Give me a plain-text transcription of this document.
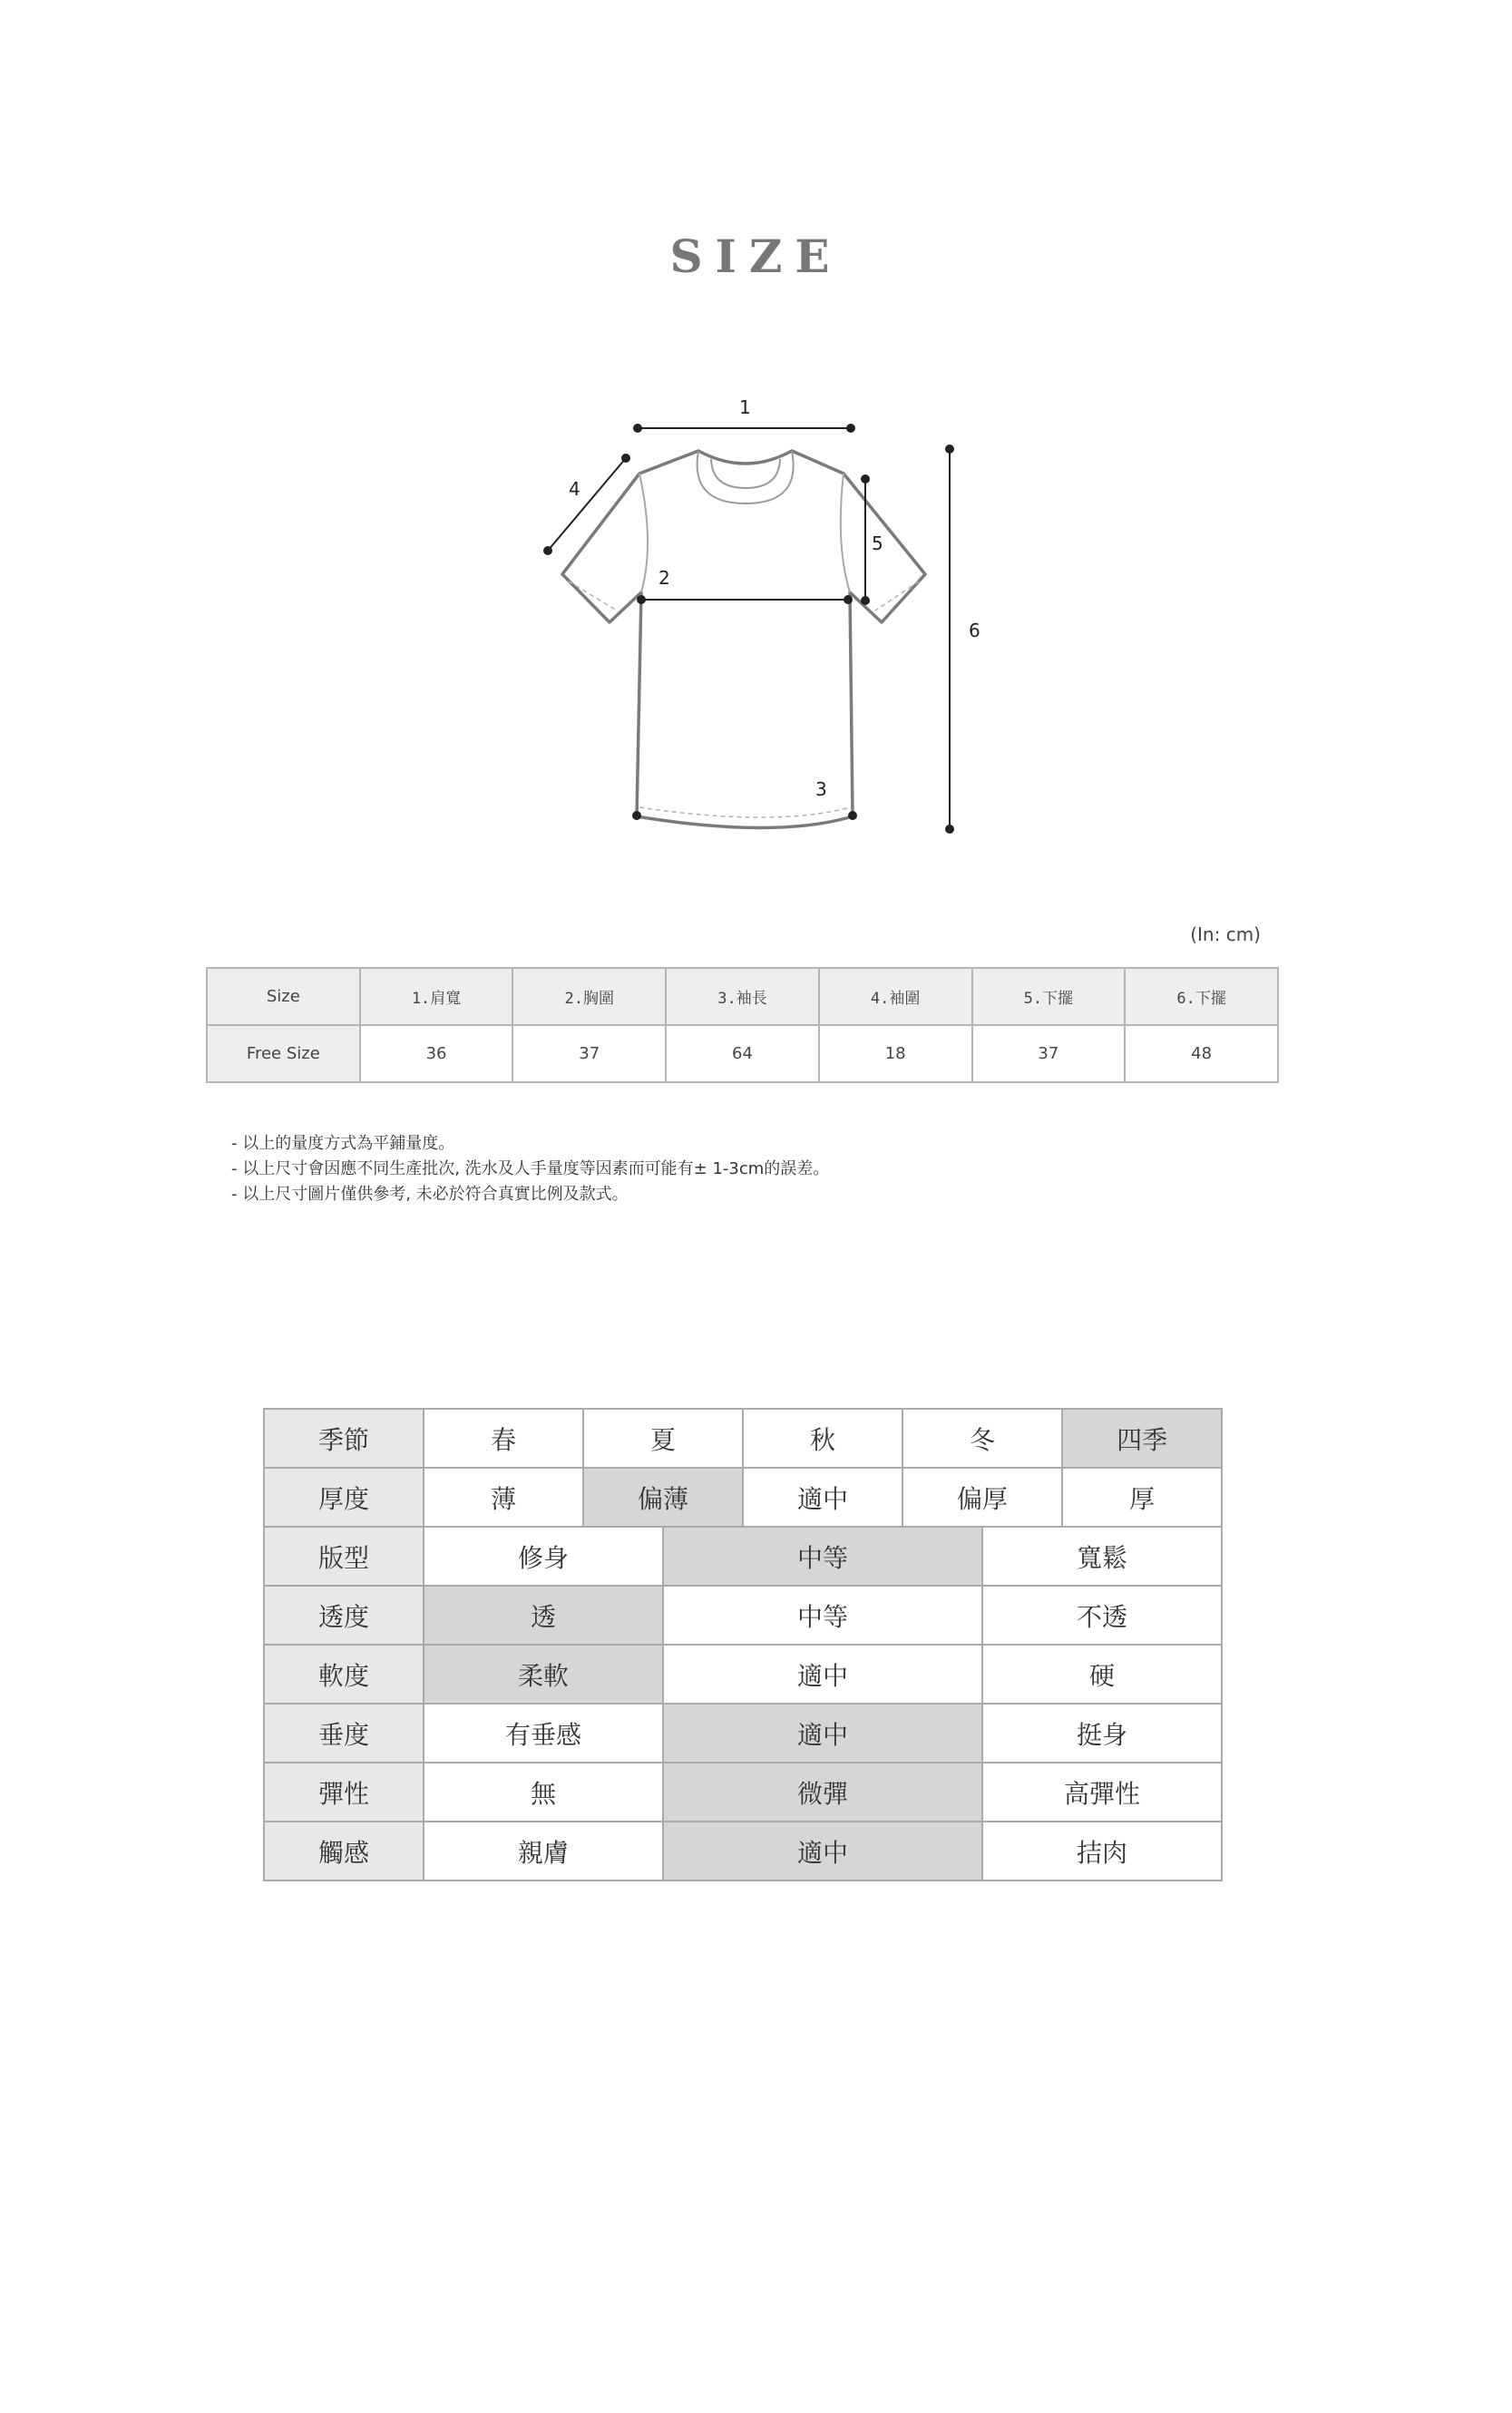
SIZE
1
2
3
4
5
6
(In: cm)
Size	1.肩寬	2.胸圍	3.袖長	4.袖圍	5.下擺	6.下擺
Free Size	36	37	64	18	37	48
- 以上的量度方式為平鋪量度。
- 以上尺寸會因應不同生產批次, 洗水及人手量度等因素而可能有± 1-3cm的誤差。
- 以上尺寸圖片僅供參考, 未必於符合真實比例及款式。
季節	春	夏		秋	冬		四季
厚度	薄	偏薄		適中	偏厚		厚
版型	修身		中等			寬鬆	
透度	透		中等			不透	
軟度	柔軟		適中			硬	
垂度	有垂感		適中			挺身	
彈性	無		微彈			高彈性	
觸感	親膚		適中			拮肉	
